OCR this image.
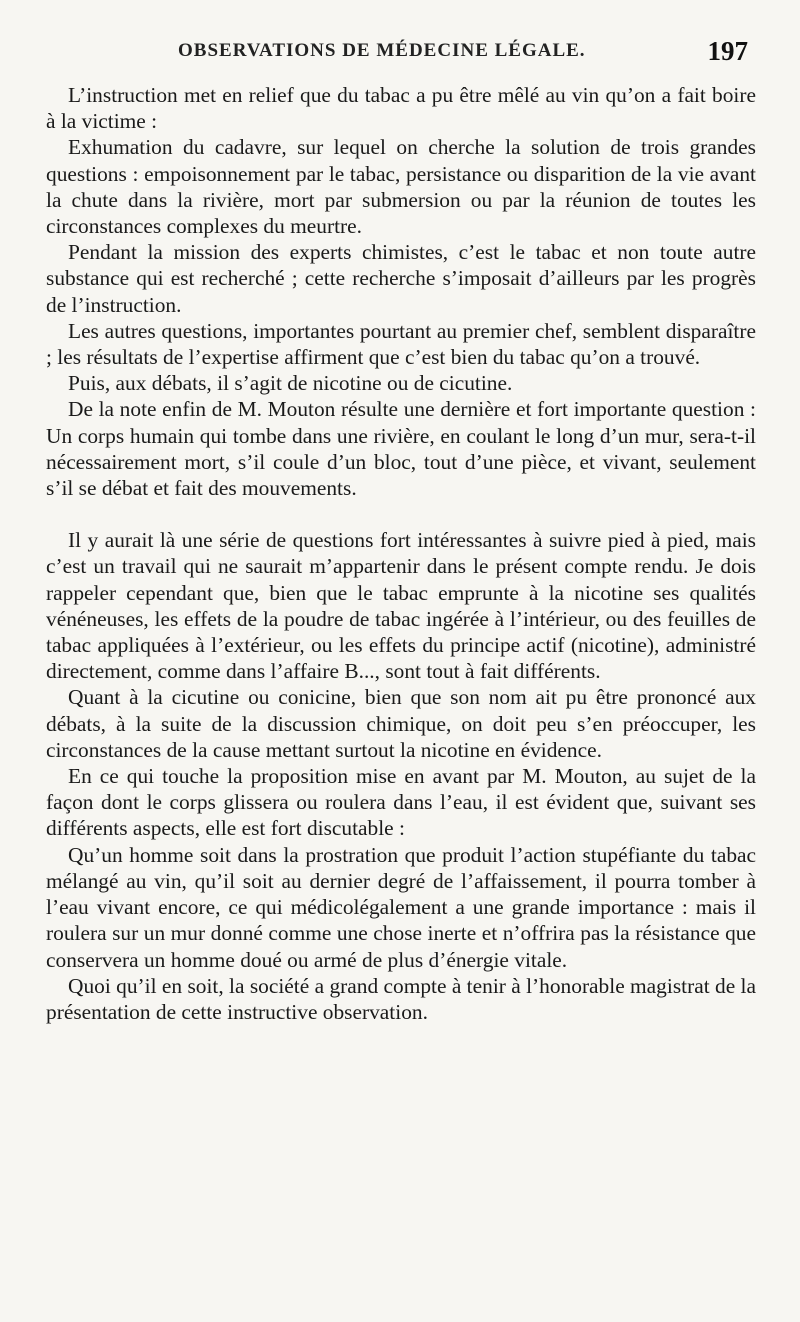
OBSERVATIONS DE MÉDECINE LÉGALE.	197

L’instruction met en relief que du tabac a pu être mêlé au vin qu’on a fait boire à la victime :

Exhumation du cadavre, sur lequel on cherche la solution de trois grandes questions : empoisonnement par le tabac, persistance ou disparition de la vie avant la chute dans la rivière, mort par submersion ou par la réunion de toutes les circonstances complexes du meurtre.

Pendant la mission des experts chimistes, c’est le tabac et non toute autre substance qui est recherché ; cette recherche s’imposait d’ailleurs par les progrès de l’instruction.

Les autres questions, importantes pourtant au premier chef, semblent disparaître ; les résultats de l’expertise affirment que c’est bien du tabac qu’on a trouvé.

Puis, aux débats, il s’agit de nicotine ou de cicutine.

De la note enfin de M. Mouton résulte une dernière et fort importante question : Un corps humain qui tombe dans une rivière, en coulant le long d’un mur, sera-t-il nécessairement mort, s’il coule d’un bloc, tout d’une pièce, et vivant, seulement s’il se débat et fait des mouvements.

Il y aurait là une série de questions fort intéressantes à suivre pied à pied, mais c’est un travail qui ne saurait m’appartenir dans le présent compte rendu. Je dois rappeler cependant que, bien que le tabac emprunte à la nicotine ses qualités vénéneuses, les effets de la poudre de tabac ingérée à l’intérieur, ou des feuilles de tabac appliquées à l’extérieur, ou les effets du principe actif (nicotine), administré directement, comme dans l’affaire B..., sont tout à fait différents.

Quant à la cicutine ou conicine, bien que son nom ait pu être prononcé aux débats, à la suite de la discussion chimique, on doit peu s’en préoccuper, les circonstances de la cause mettant surtout la nicotine en évidence.

En ce qui touche la proposition mise en avant par M. Mouton, au sujet de la façon dont le corps glissera ou roulera dans l’eau, il est évident que, suivant ses différents aspects, elle est fort discutable :

Qu’un homme soit dans la prostration que produit l’action stupéfiante du tabac mélangé au vin, qu’il soit au dernier degré de l’affaissement, il pourra tomber à l’eau vivant encore, ce qui médicolégalement a une grande importance : mais il roulera sur un mur donné comme une chose inerte et n’offrira pas la résistance que conservera un homme doué ou armé de plus d’énergie vitale.

Quoi qu’il en soit, la société a grand compte à tenir à l’honorable magistrat de la présentation de cette instructive observation.
